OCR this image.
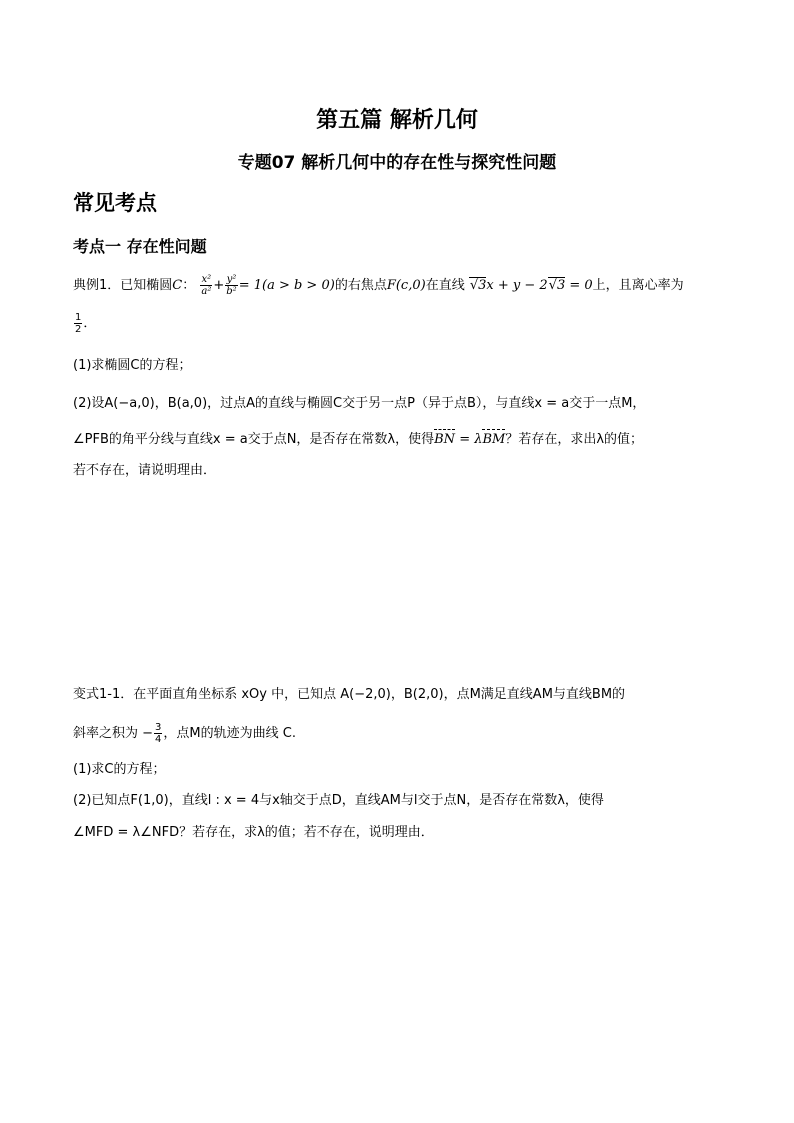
第五篇 解析几何
专题07 解析几何中的存在性与探究性问题
常见考点
考点一 存在性问题
典例1．已知椭圆C： $\frac{\text{x²}}{\text{a²}} + \frac{\text{y²}}{\text{b²}} = 1(a > b > 0)$的右焦点F(c,0)在直线 √3x + y − 2√3 = 0上，且离心率为
$\frac{1}{2}$ ．
(1)求椭圆C的方程；
(2)设A(−a,0)，B(a,0)，过点A的直线与椭圆C交于另一点P（异于点B），与直线x = a交于一点M，
∠PFB的角平分线与直线x = a交于点N，是否存在常数λ，使得BN = λBM？若存在，求出λ的值；
若不存在，请说明理由．
变式1-1．在平面直角坐标系 xOy 中，已知点 A(−2,0)，B(2,0)，点M满足直线AM与直线BM的
斜率之积为 − $\frac{3}{4}$ ，点M的轨迹为曲线 C.
(1)求C的方程；
(2)已知点F(1,0)，直线l : x = 4与x轴交于点D，直线AM与l交于点N，是否存在常数λ，使得
∠MFD = λ∠NFD？若存在，求λ的值；若不存在，说明理由．
